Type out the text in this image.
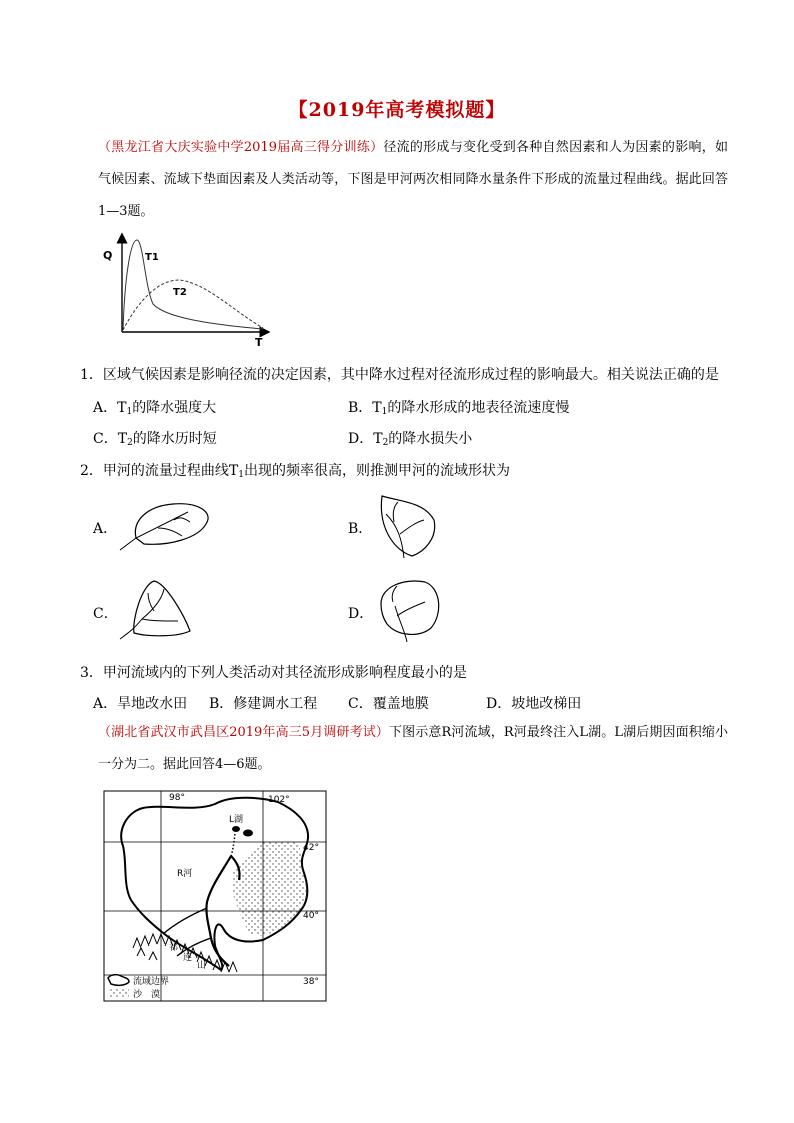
【2019年高考模拟题】
（黑龙江省大庆实验中学2019届高三得分训练）径流的形成与变化受到各种自然因素和人为因素的影响，如气候因素、流域下垫面因素及人类活动等，下图是甲河两次相同降水量条件下形成的流量过程曲线。据此回答1—3题。
Q
T
T1
T2
1．区域气候因素是影响径流的决定因素，其中降水过程对径流形成过程的影响最大。相关说法正确的是
A．$T_1$的降水强度大	B．$T_1$的降水形成的地表径流速度慢
C．$T_2$的降水历时短	D．$T_2$的降水损失小
2．甲河的流量过程曲线$T_1$出现的频率很高，则推测甲河的流域形状为
A．	B．
C．	D．
3．甲河流域内的下列人类活动对其径流形成影响程度最小的是
A．旱地改水田 B．修建调水工程 C．覆盖地膜	D．坡地改梯田
（湖北省武汉市武昌区2019年高三5月调研考试）下图示意R河流域，R河最终注入L湖。L湖后期因面积缩小一分为二。据此回答4—6题。
98°	102°
42°
40°
38°
L湖
R河
祁
连
山
流域边界
沙　漠
